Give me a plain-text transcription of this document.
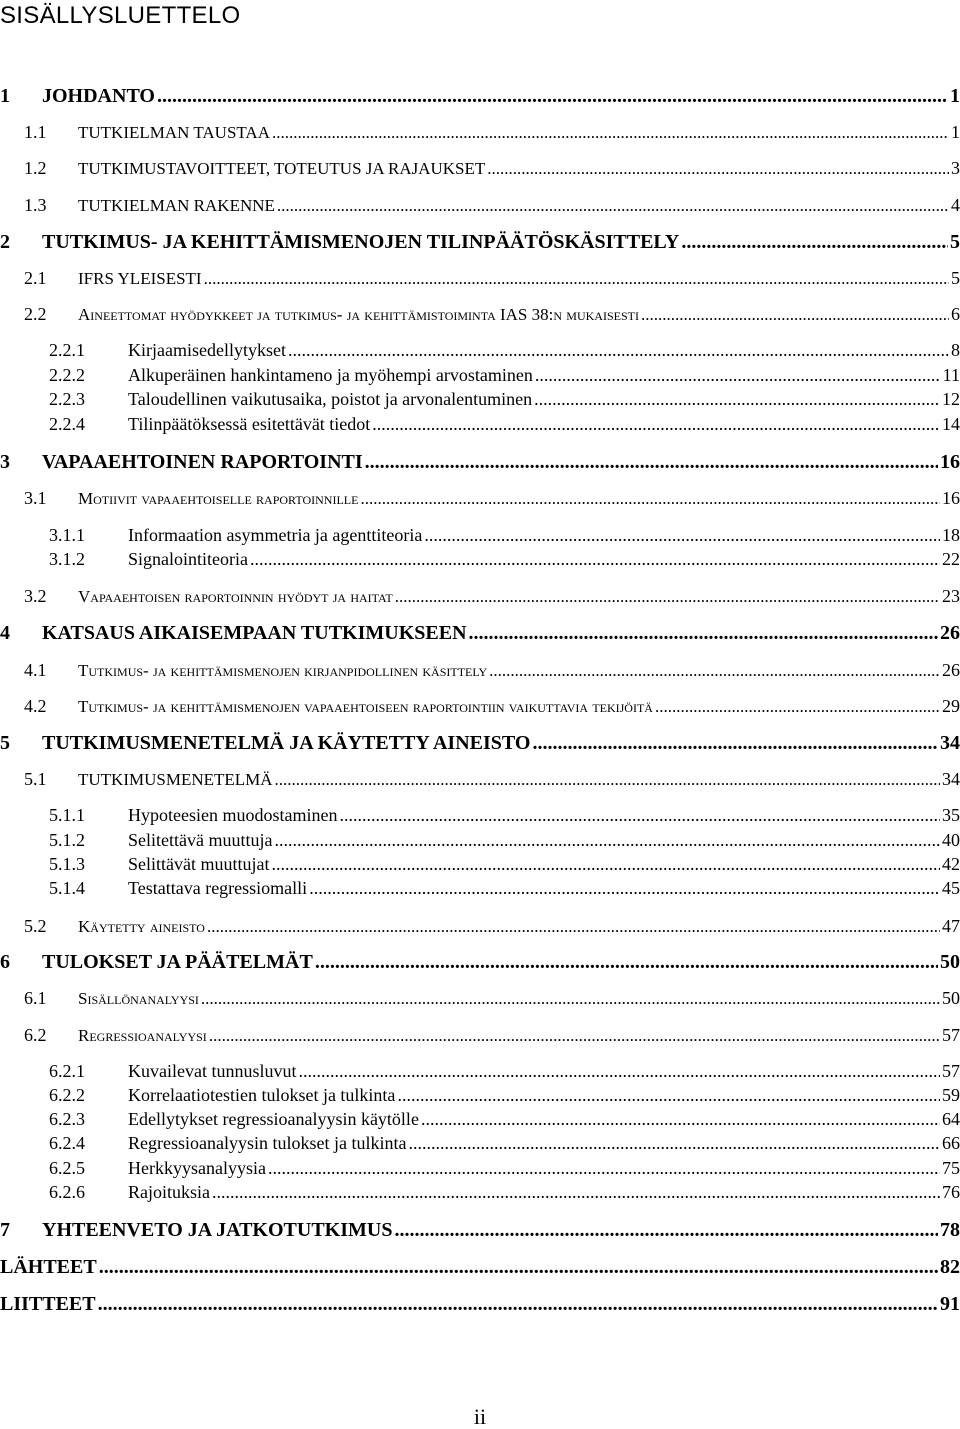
SISÄLLYSLUETTELO
1 JOHDANTO .....	1
1.1 TUTKIELMAN TAUSTAA .....	1
1.2 TUTKIMUSTAVOITTEET, TOTEUTUS JA RAJAUKSET .....	3
1.3 TUTKIELMAN RAKENNE .....	4
2 TUTKIMUS- JA KEHITTÄMISMENOJEN TILINPÄÄTÖSKÄSITTELY .....	5
2.1 IFRS YLEISESTI .....	5
2.2 Aineettomat hyödykkeet ja tutkimus- ja kehittämistoiminta IAS 38:n mukaisesti .....	6
2.2.1 Kirjaamisedellytykset .....	8
2.2.2 Alkuperäinen hankintameno ja myöhempi arvostaminen .....	11
2.2.3 Taloudellinen vaikutusaika, poistot ja arvonalentuminen .....	12
2.2.4 Tilinpäätöksessä esitettävät tiedot .....	14
3 VAPAAEHTOINEN RAPORTOINTI .....	16
3.1 Motiivit vapaaehtoiselle raportoinnille .....	16
3.1.1 Informaation asymmetria ja agenttiteoria .....	18
3.1.2 Signalointiteoria .....	22
3.2 Vapaaehtoisen raportoinnin hyödyt ja haitat .....	23
4 KATSAUS AIKAISEMPAAN TUTKIMUKSEEN .....	26
4.1 Tutkimus- ja kehittämismenojen kirjanpidollinen käsittely .....	26
4.2 Tutkimus- ja kehittämismenojen vapaaehtoiseen raportointiin vaikuttavia tekijöitä .....	29
5 TUTKIMUSMENETELMÄ JA KÄYTETTY AINEISTO .....	34
5.1 TUTKIMUSMENETELMÄ .....	34
5.1.1 Hypoteesien muodostaminen .....	35
5.1.2 Selitettävä muuttuja .....	40
5.1.3 Selittävät muuttujat .....	42
5.1.4 Testattava regressiomalli .....	45
5.2 Käytetty aineisto .....	47
6 TULOKSET JA PÄÄTELMÄT .....	50
6.1 Sisällönanalyysi .....	50
6.2 Regressioanalyysi .....	57
6.2.1 Kuvailevat tunnusluvut .....	57
6.2.2 Korrelaatiotestien tulokset ja tulkinta .....	59
6.2.3 Edellytykset regressioanalyysin käytölle .....	64
6.2.4 Regressioanalyysin tulokset ja tulkinta .....	66
6.2.5 Herkkyysanalyysia .....	75
6.2.6 Rajoituksia .....	76
7 YHTEENVETO JA JATKOTUTKIMUS .....	78
LÄHTEET .....	82
LIITTEET .....	91
ii
